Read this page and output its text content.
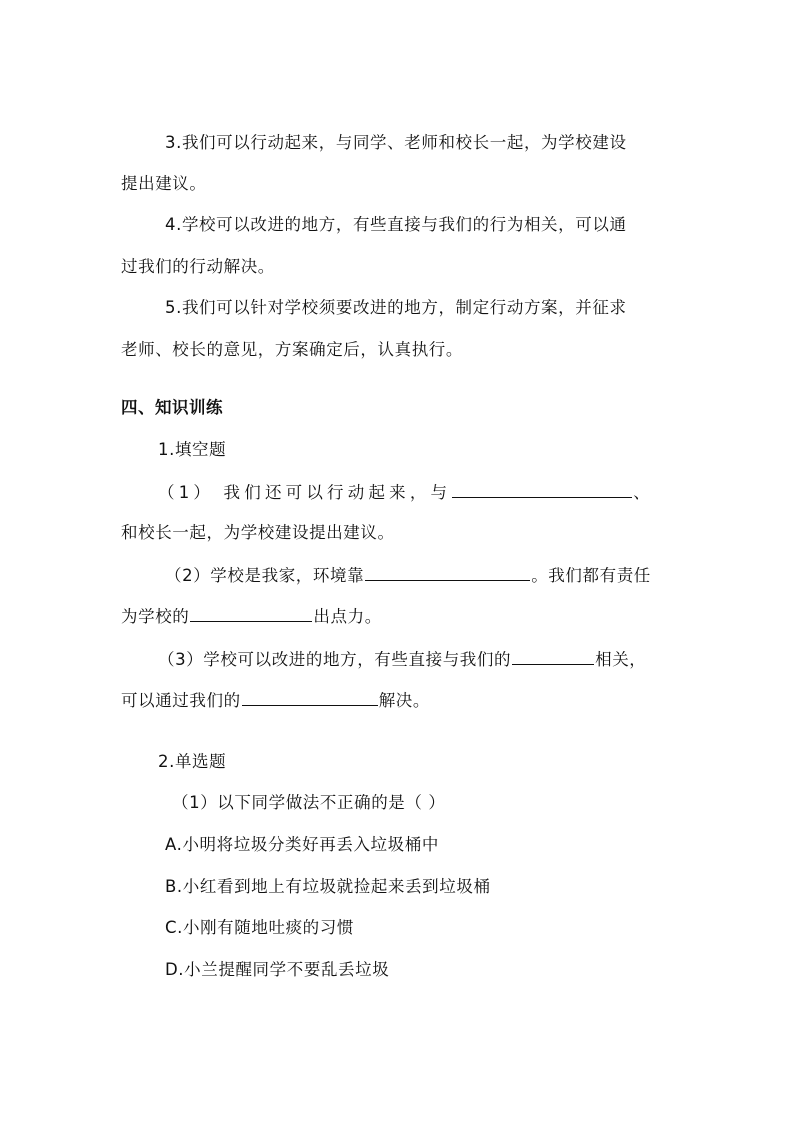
3.我们可以行动起来，与同学、老师和校长一起，为学校建设
提出建议。
4.学校可以改进的地方，有些直接与我们的行为相关，可以通
过我们的行动解决。
5.我们可以针对学校须要改进的地方，制定行动方案，并征求
老师、校长的意见，方案确定后，认真执行。
四、知识训练
1.填空题
（1） 我们还可以行动起来，与	、
和校长一起，为学校建设提出建议。
（2）学校是我家，环境靠	。我们都有责任
为学校的	出点力。
（3）学校可以改进的地方，有些直接与我们的	相关，
可以通过我们的	解决。
2.单选题
（1）以下同学做法不正确的是（ ）
A.小明将垃圾分类好再丢入垃圾桶中
B.小红看到地上有垃圾就捡起来丢到垃圾桶
C.小刚有随地吐痰的习惯
D.小兰提醒同学不要乱丢垃圾
